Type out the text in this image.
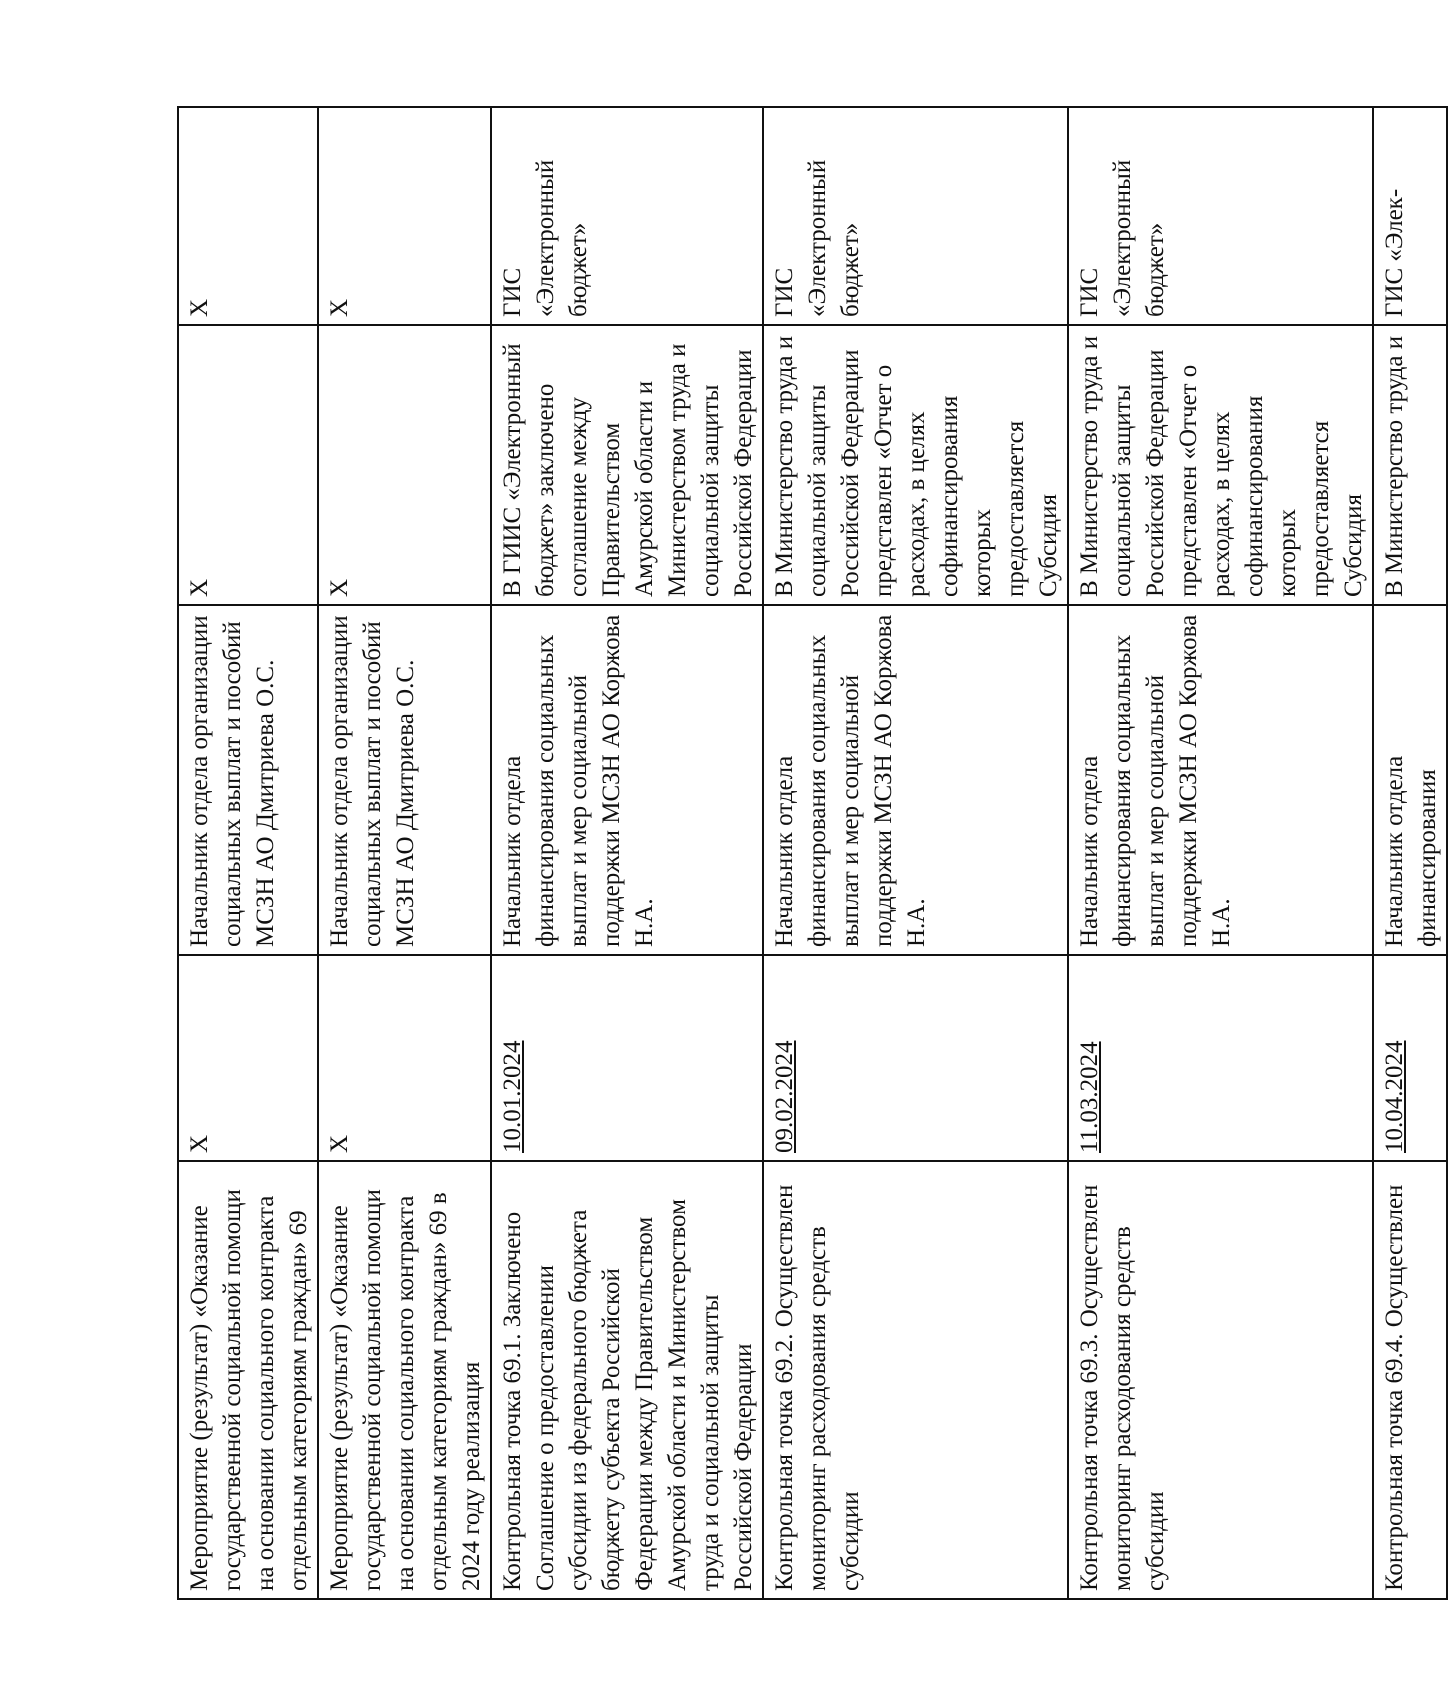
Мероприятие (результат) «Оказание государственной социальной помощи на основании социального контракта отдельным категориям граждан» 69	X	Начальник отдела организации социальных выплат и пособий МСЗН АО Дмитриева О.С.	X	X
Мероприятие (результат) «Оказание государственной социальной помощи на основании социального контракта отдельным категориям граждан» 69 в 2024 году реализация	X	Начальник отдела организации социальных выплат и пособий МСЗН АО Дмитриева О.С.	X	X
Контрольная точка 69.1. Заключено Соглашение о предоставлении субсидии из федерального бюджета бюджету субъекта Российской Федерации между Правительством Амурской области и Министерством труда и социальной защиты Российской Федерации	10.01.2024	Начальник отдела финансирования социальных выплат и мер социальной поддержки МСЗН АО Коржова Н.А.	В ГИИС «Электронный бюджет» заключено соглашение между Правительством Амурской области и Министерством труда и социальной защиты Российской Федерации	ГИС «Электронный бюджет»
Контрольная точка 69.2. Осуществлен мониторинг расходования средств субсидии	09.02.2024	Начальник отдела финансирования социальных выплат и мер социальной поддержки МСЗН АО Коржова Н.А.	В Министерство труда и социальной защиты Российской Федерации представлен «Отчет о расходах, в целях софинансирования которых предоставляется Субсидия	ГИС «Электронный бюджет»
Контрольная точка 69.3. Осуществлен мониторинг расходования средств субсидии	11.03.2024	Начальник отдела финансирования социальных выплат и мер социальной поддержки МСЗН АО Коржова Н.А.	В Министерство труда и социальной защиты Российской Федерации представлен «Отчет о расходах, в целях софинансирования которых предоставляется Субсидия	ГИС «Электронный бюджет»
Контрольная точка 69.4. Осуществлен	10.04.2024	Начальник отдела финансирования	В Министерство труда и	ГИС «Элек-
